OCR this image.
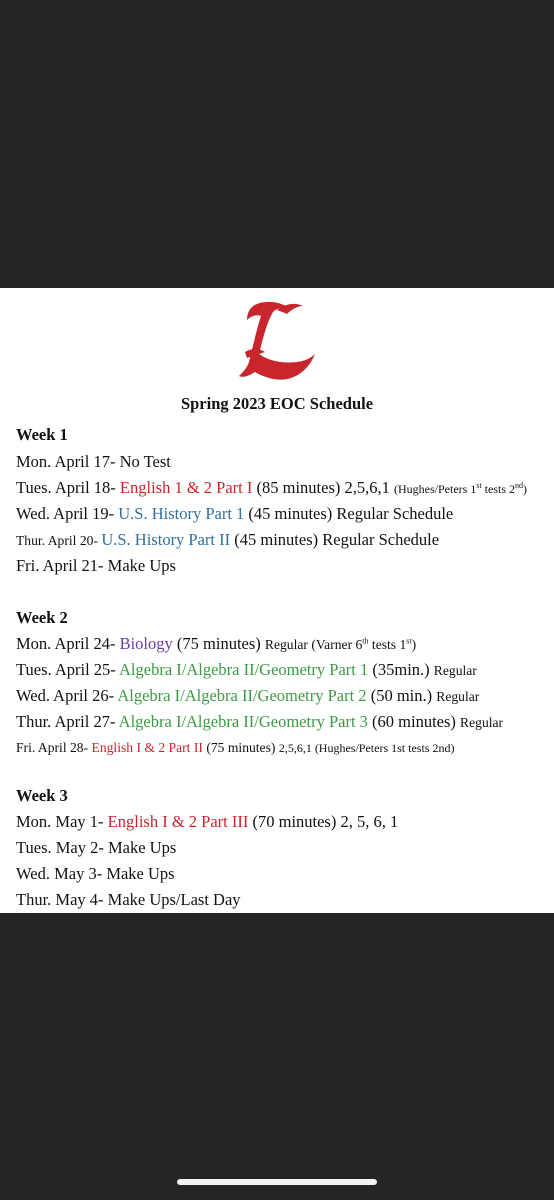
Spring 2023 EOC Schedule
Week 1
Mon. April 17- No Test
Tues. April 18- English 1 & 2 Part I (85 minutes) 2,5,6,1 (Hughes/Peters 1st tests 2nd)
Wed. April 19- U.S. History Part 1 (45 minutes) Regular Schedule
Thur. April 20- U.S. History Part II (45 minutes) Regular Schedule
Fri. April 21- Make Ups
Week 2
Mon. April 24- Biology (75 minutes) Regular (Varner 6th tests 1st)
Tues. April 25- Algebra I/Algebra II/Geometry Part 1 (35min.) Regular
Wed. April 26- Algebra I/Algebra II/Geometry Part 2 (50 min.) Regular
Thur. April 27- Algebra I/Algebra II/Geometry Part 3 (60 minutes) Regular
Fri. April 28- English I & 2 Part II (75 minutes) 2,5,6,1 (Hughes/Peters 1st tests 2nd)
Week 3
Mon. May 1- English I & 2 Part III (70 minutes) 2, 5, 6, 1
Tues. May 2- Make Ups
Wed. May 3- Make Ups
Thur. May 4- Make Ups/Last Day
